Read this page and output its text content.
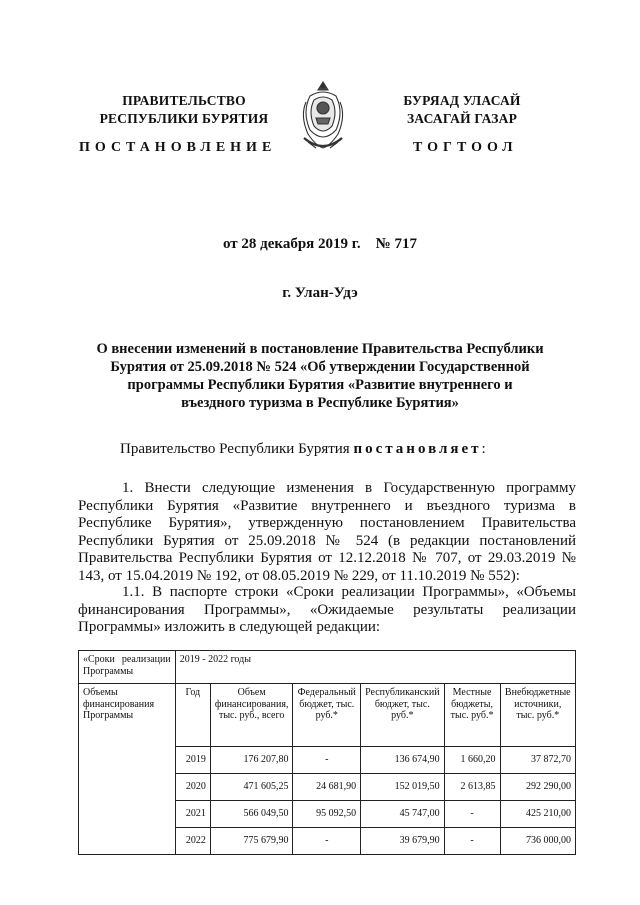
ПРАВИТЕЛЬСТВО
РЕСПУБЛИКИ БУРЯТИЯ
БУРЯАД УЛАСАЙ
ЗАСАГАЙ ГАЗАР
ПОСТАНОВЛЕНИЕ	ТОГТООЛ
от 28 декабря 2019 г.    № 717
г. Улан-Удэ
О внесении изменений в постановление Правительства Республики Бурятия от 25.09.2018 № 524 «Об утверждении Государственной программы Республики Бурятия «Развитие внутреннего и въездного туризма в Республике Бурятия»
Правительство Республики Бурятия постановляет:
1. Внести следующие изменения в Государственную программу Республики Бурятия «Развитие внутреннего и въездного туризма в Республике Бурятия», утвержденную постановлением Правительства Республики Бурятия от 25.09.2018 № 524 (в редакции постановлений Правительства Республики Бурятия от 12.12.2018 № 707, от 29.03.2019 № 143, от 15.04.2019 № 192, от 08.05.2019 № 229, от 11.10.2019 № 552):
1.1. В паспорте строки «Сроки реализации Программы», «Объемы финансирования Программы», «Ожидаемые результаты реализации Программы» изложить в следующей редакции:
«Сроки реализации Программы	2019 - 2022 годы					
Объемы финансирования Программы	Год	Объем финансирования, тыс. руб., всего	Федеральный бюджет, тыс. руб.*	Республиканский бюджет, тыс. руб.*	Местные бюджеты, тыс. руб.*	Внебюджетные источники, тыс. руб.*
	2019	176 207,80	-	136 674,90	1 660,20	37 872,70
	2020	471 605,25	24 681,90	152 019,50	2 613,85	292 290,00
	2021	566 049,50	95 092,50	45 747,00	-	425 210,00
	2022	775 679,90	-	39 679,90	-	736 000,00
